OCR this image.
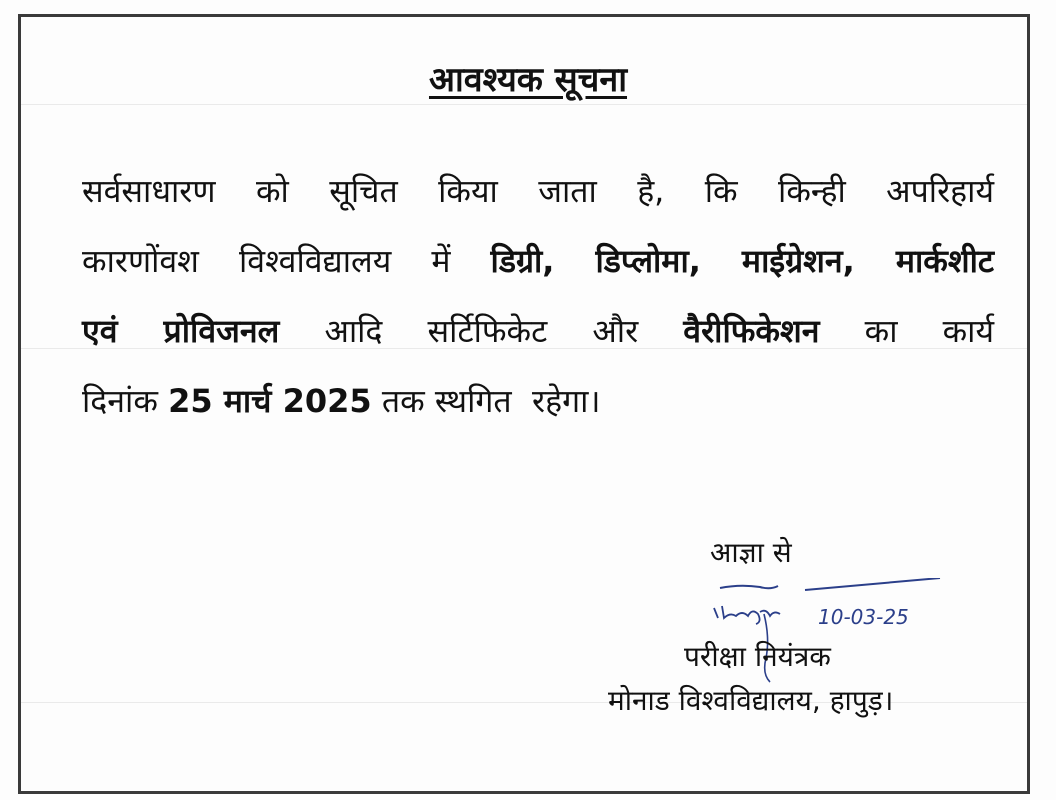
आवश्यक सूचना
सर्वसाधारण को सूचित किया जाता है, कि किन्ही अपरिहार्य
कारणोंवश विश्वविद्यालय में डिग्री, डिप्लोमा, माईग्रेशन, मार्कशीट
एवं प्रोविजनल आदि सर्टिफिकेट और वैरीफिकेशन का कार्य
दिनांक 25 मार्च 2025 तक स्थगित  रहेगा।
आज्ञा से
10-03-25
परीक्षा नियंत्रक
मोनाड विश्वविद्यालय, हापुड़।
